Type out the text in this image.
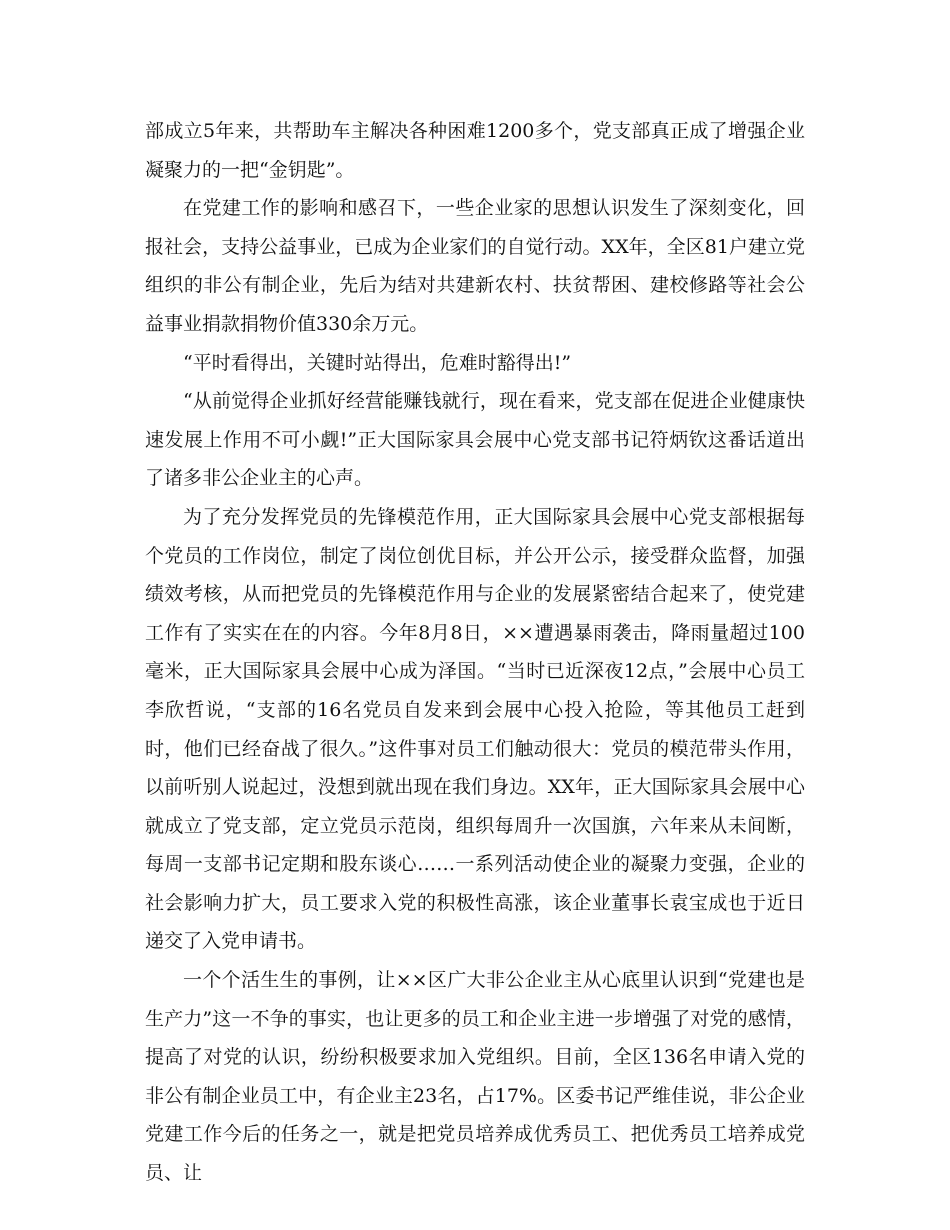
部成立5年来，共帮助车主解决各种困难1200多个，党支部真正成了增强企业凝聚力的一把“金钥匙”。

在党建工作的影响和感召下，一些企业家的思想认识发生了深刻变化，回报社会，支持公益事业，已成为企业家们的自觉行动。XX年，全区81户建立党组织的非公有制企业，先后为结对共建新农村、扶贫帮困、建校修路等社会公益事业捐款捐物价值330余万元。

“平时看得出，关键时站得出，危难时豁得出!”

“从前觉得企业抓好经营能赚钱就行，现在看来，党支部在促进企业健康快速发展上作用不可小觑!”正大国际家具会展中心党支部书记符炳钦这番话道出了诸多非公企业主的心声。

为了充分发挥党员的先锋模范作用，正大国际家具会展中心党支部根据每个党员的工作岗位，制定了岗位创优目标，并公开公示，接受群众监督，加强绩效考核，从而把党员的先锋模范作用与企业的发展紧密结合起来了，使党建工作有了实实在在的内容。今年8月8日，××遭遇暴雨袭击，降雨量超过100毫米，正大国际家具会展中心成为泽国。“当时已近深夜12点，”会展中心员工李欣哲说，“支部的16名党员自发来到会展中心投入抢险，等其他员工赶到时，他们已经奋战了很久。”这件事对员工们触动很大：党员的模范带头作用，以前听别人说起过，没想到就出现在我们身边。XX年，正大国际家具会展中心就成立了党支部，定立党员示范岗，组织每周升一次国旗，六年来从未间断，每周一支部书记定期和股东谈心……一系列活动使企业的凝聚力变强，企业的社会影响力扩大，员工要求入党的积极性高涨，该企业董事长袁宝成也于近日递交了入党申请书。

一个个活生生的事例，让××区广大非公企业主从心底里认识到“党建也是生产力”这一不争的事实，也让更多的员工和企业主进一步增强了对党的感情，提高了对党的认识，纷纷积极要求加入党组织。目前，全区136名申请入党的非公有制企业员工中，有企业主23名，占17%。区委书记严维佳说，非公企业党建工作今后的任务之一，就是把党员培养成优秀员工、把优秀员工培养成党员、让
